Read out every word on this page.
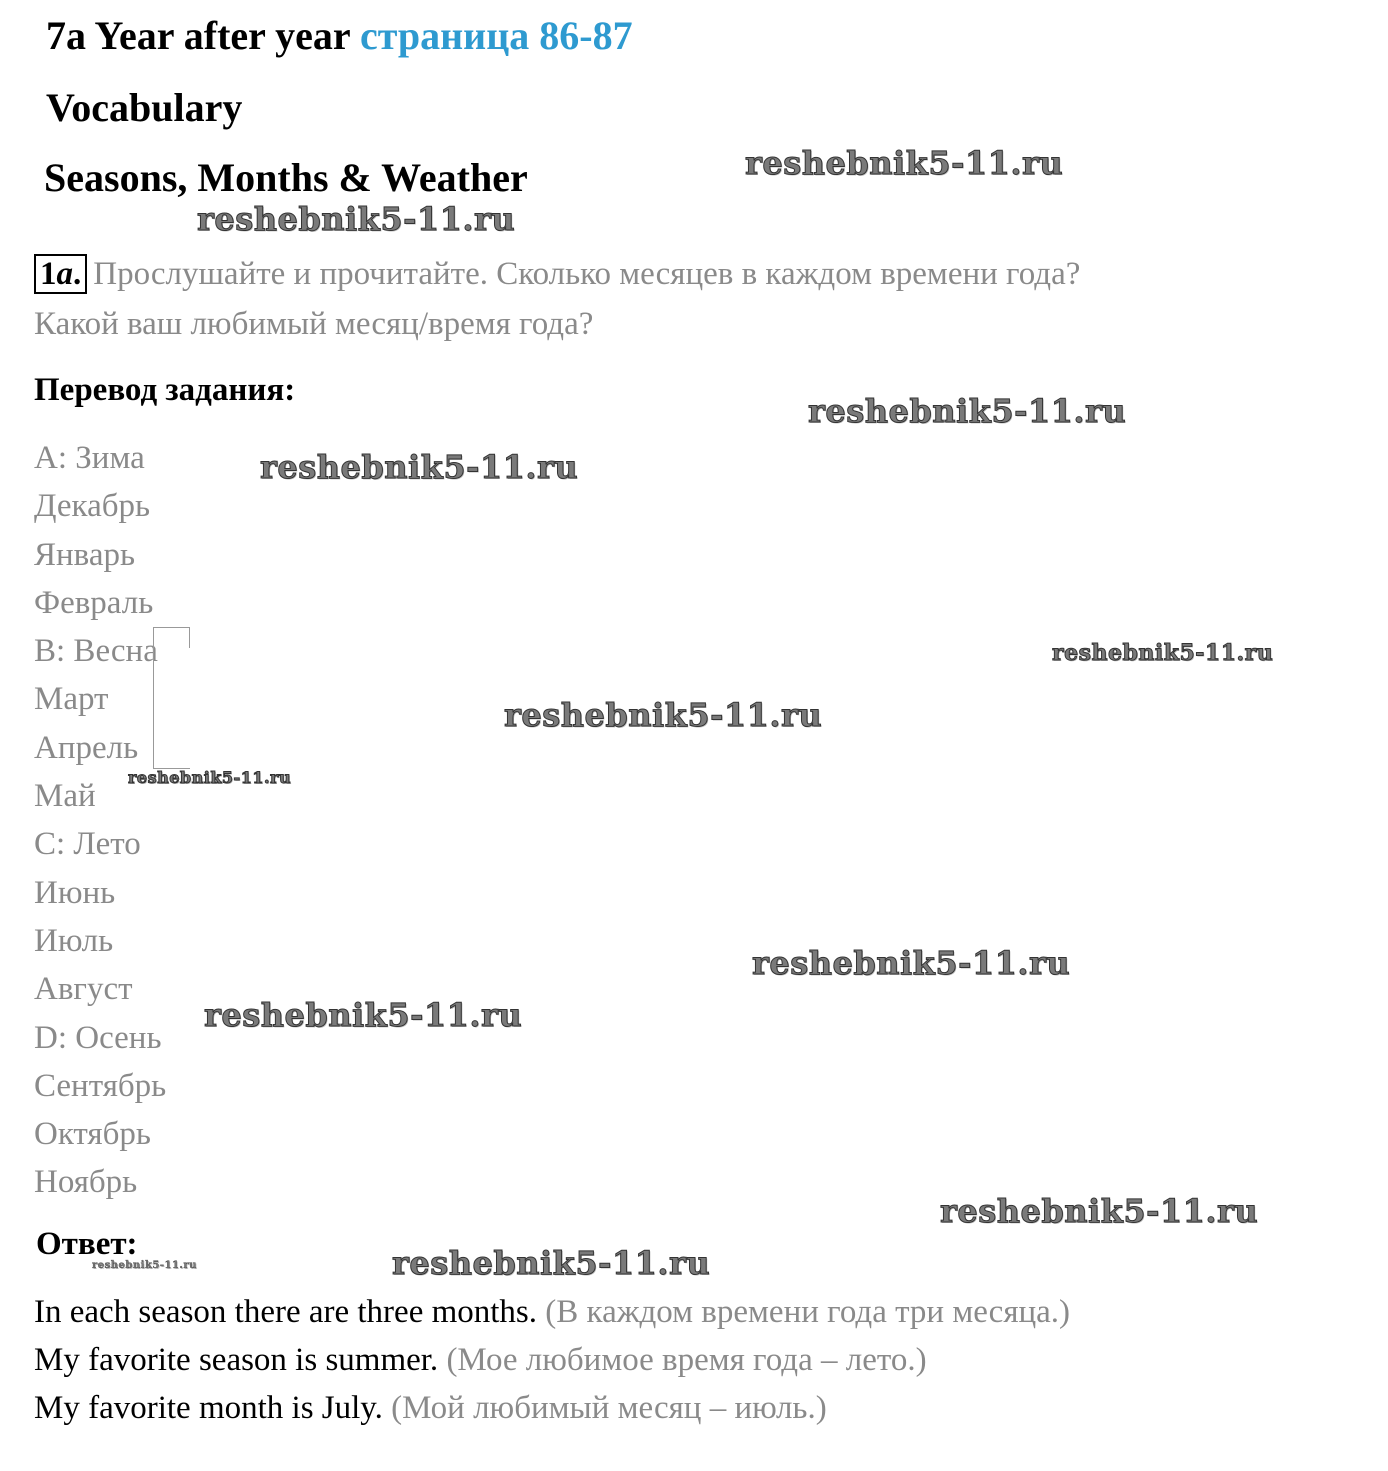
7a Year after year страница 86-87
Vocabulary
Seasons, Months & Weather
1a. Прослушайте и прочитайте. Сколько месяцев в каждом времени года?
Какой ваш любимый месяц/время года?
Перевод задания:
A: Зима
Декабрь
Январь
Февраль
B: Весна
Март
Апрель
Май
C: Лето
Июнь
Июль
Август
D: Осень
Сентябрь
Октябрь
Ноябрь
Ответ:
In each season there are three months. (В каждом времени года три месяца.)
My favorite season is summer. (Мое любимое время года – лето.)
My favorite month is July. (Мой любимый месяц – июль.)
reshebnik5-11.ru
reshebnik5-11.ru
reshebnik5-11.ru
reshebnik5-11.ru
reshebnik5-11.ru
reshebnik5-11.ru
reshebnik5-11.ru
reshebnik5-11.ru
reshebnik5-11.ru
reshebnik5-11.ru
reshebnik5-11.ru
reshebnik5-11.ru
